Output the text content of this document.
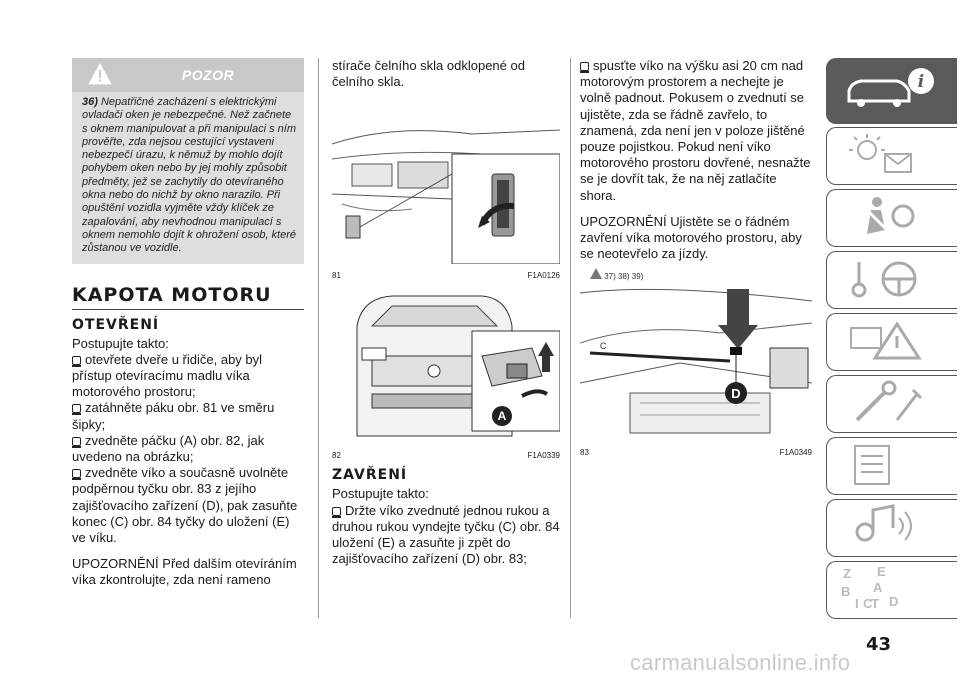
POZOR
36) Nepatřičné zacházení s elektrickými ovladači oken je nebezpečné. Než začnete s oknem manipulovat a při manipulaci s ním prověřte, zda nejsou cestující vystaveni nebezpečí úrazu, k němuž by mohlo dojít pohybem oken nebo by jej mohly způsobit předměty, jež se zachytily do otevíraného okna nebo do nichž by okno narazilo. Při opuštění vozidla vyjměte vždy klíček ze zapalování, aby nevhodnou manipulací s oknem nemohlo dojít k ohrožení osob, které zůstanou ve vozidle.
KAPOTA MOTORU
OTEVŘENÍ

Postupujte takto:

otevřete dveře u řidiče, aby byl přístup otevíracímu madlu víka motorového prostoru;

zatáhněte páku obr. 81 ve směru šipky;

zvedněte páčku (A) obr. 82, jak uvedeno na obrázku;

zvedněte víko a současně uvolněte podpěrnou tyčku obr. 83 z jejího zajišťovacího zařízení (D), pak zasuňte konec (C) obr. 84 tyčky do uložení (E) ve víku.

UPOZORNĚNÍ Před dalším otevíráním víka zkontrolujte, zda není rameno

stírače čelního skla odklopené od čelního skla.

81	F1A0126
A
82	F1A0339
ZAVŘENÍ

Postupujte takto:

Držte víko zvednuté jednou rukou a druhou rukou vyndejte tyčku (C) obr. 84 uložení (E) a zasuňte ji zpět do zajišťovacího zařízení (D) obr. 83;

spusťte víko na výšku asi 20 cm nad motorovým prostorem a nechejte je volně padnout. Pokusem o zvednutí se ujistěte, zda se řádně zavřelo, to znamená, zda není jen v poloze jištěné pouze pojistkou. Pokud není víko motorového prostoru dovřené, nesnažte se je dovřít tak, že na něj zatlačíte shora.

UPOZORNĚNÍ Ujistěte se o řádném zavření víka motorového prostoru, aby se neotevřelo za jízdy.

37) 38) 39)
C
D
83	F1A0349
i
Z E
B A
I C
T D
43
carmanualsonline.info
